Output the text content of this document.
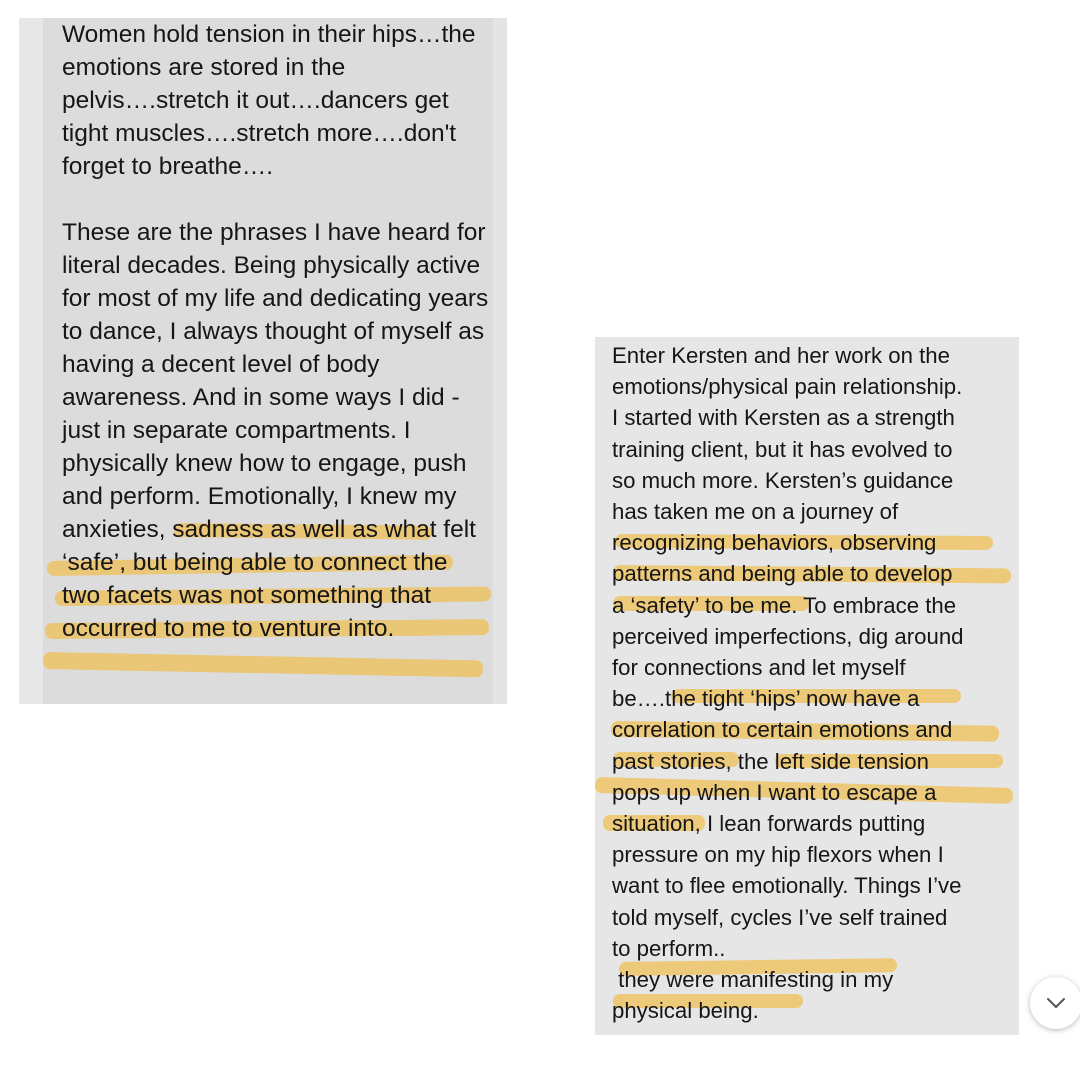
Women hold tension in their hips…the emotions are stored in the pelvis….stretch it out….dancers get tight muscles….stretch more….don't forget to breathe….

These are the phrases I have heard for literal decades. Being physically active for most of my life and dedicating years to dance, I always thought of myself as having a decent level of body awareness. And in some ways I did - just in separate compartments. I physically knew how to engage, push and perform. Emotionally, I knew my anxieties, sadness as well as what felt ‘safe’, but being able to connect the two facets was not something that occurred to me to venture into.

Enter Kersten and her work on the
emotions/physical pain relationship.
I started with Kersten as a strength
training client, but it has evolved to
so much more. Kersten’s guidance
has taken me on a journey of
recognizing behaviors, observing
patterns and being able to develop
a ‘safety’ to be me. To embrace the
perceived imperfections, dig around
for connections and let myself
be….the tight ‘hips’ now have a
correlation to certain emotions and
past stories, the left side tension
pops up when I want to escape a
situation, I lean forwards putting
pressure on my hip flexors when I
want to flee emotionally. Things I’ve
told myself, cycles I’ve self trained
to perform..
they were manifesting in my
physical being.
